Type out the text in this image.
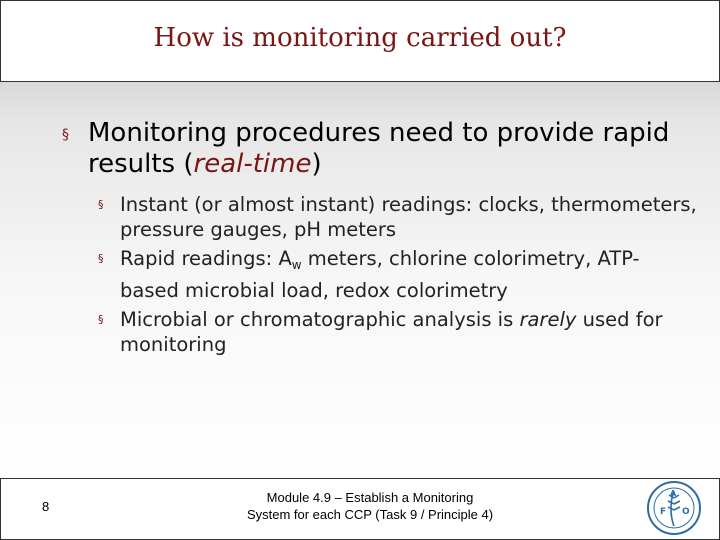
How is monitoring carried out?
§ Monitoring procedures need to provide rapid results (real-time)
§ Instant (or almost instant) readings: clocks, thermometers, pressure gauges, pH meters
§ Rapid readings: $A_w$ meters, chlorine colorimetry, ATP-based microbial load, redox colorimetry
§ Microbial or chromatographic analysis is rarely used for monitoring
8
Module 4.9 – Establish a Monitoring
System for each CCP (Task 9 / Principle 4)	F
A
O
